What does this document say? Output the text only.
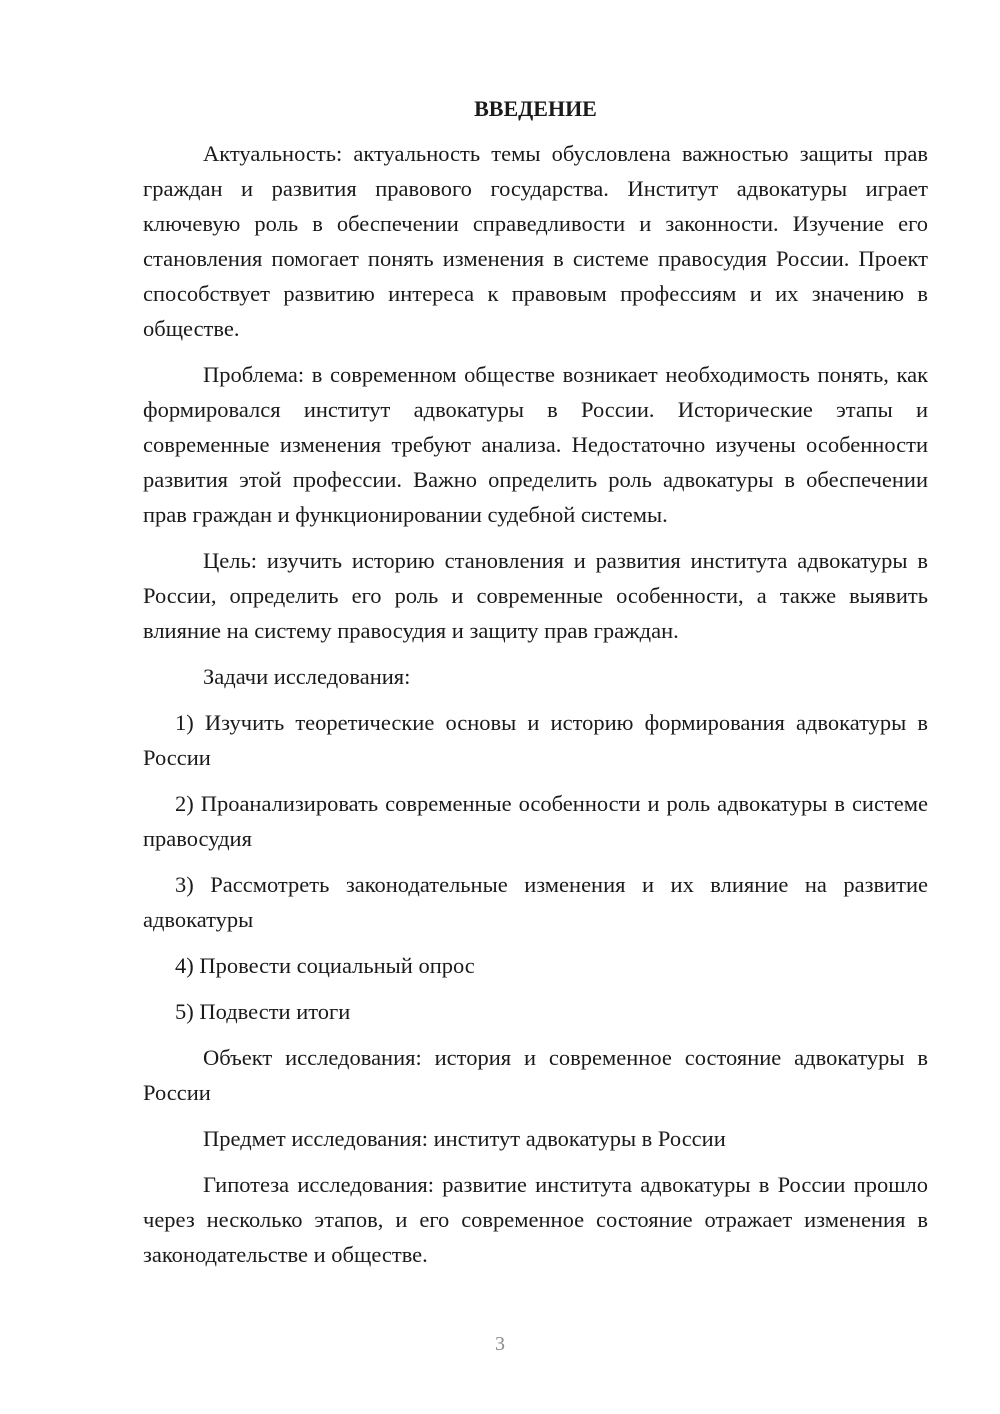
ВВЕДЕНИЕ

Актуальность: актуальность темы обусловлена важностью защиты прав граждан и развития правового государства. Институт адвокатуры играет ключевую роль в обеспечении справедливости и законности. Изучение его становления помогает понять изменения в системе правосудия России. Проект способствует развитию интереса к правовым профессиям и их значению в обществе.

Проблема: в современном обществе возникает необходимость понять, как формировался институт адвокатуры в России. Исторические этапы и современные изменения требуют анализа. Недостаточно изучены особенности развития этой профессии. Важно определить роль адвокатуры в обеспечении прав граждан и функционировании судебной системы.

Цель: изучить историю становления и развития института адвокатуры в России, определить его роль и современные особенности, а также выявить влияние на систему правосудия и защиту прав граждан.

Задачи исследования:

1) Изучить теоретические основы и историю формирования адвокатуры в России

2) Проанализировать современные особенности и роль адвокатуры в системе правосудия

3) Рассмотреть законодательные изменения и их влияние на развитие адвокатуры

4) Провести социальный опрос

5) Подвести итоги

Объект исследования: история и современное состояние адвокатуры в России

Предмет исследования: институт адвокатуры в России

Гипотеза исследования: развитие института адвокатуры в России прошло через несколько этапов, и его современное состояние отражает изменения в законодательстве и обществе.

3
